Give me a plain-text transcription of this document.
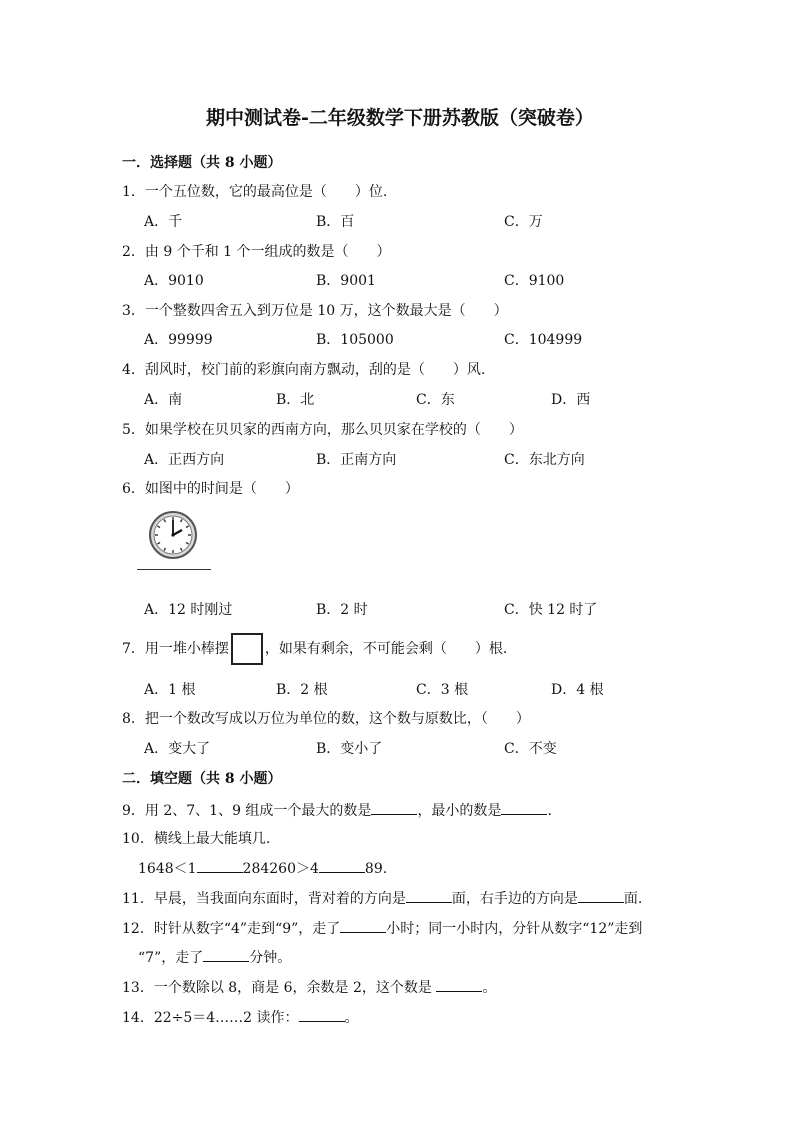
期中测试卷-二年级数学下册苏教版（突破卷）
一．选择题（共 8 小题）
1．一个五位数，它的最高位是（　　）位.
A．千	B．百	C．万
2．由 9 个千和 1 个一组成的数是（　　）
A．9010	B．9001	C．9100
3．一个整数四舍五入到万位是 10 万，这个数最大是（　　）
A．99999	B．105000	C．104999
4．刮风时，校门前的彩旗向南方飘动，刮的是（　　）风.
A．南	B．北	C．东	D．西
5．如果学校在贝贝家的西南方向，那么贝贝家在学校的（　　）
A．正西方向	B．正南方向	C．东北方向
6．如图中的时间是（　　）
A．12 时刚过	B．2 时	C．快 12 时了
7．用一堆小棒摆	，如果有剩余，不可能会剩（　　）根.
A．1 根	B．2 根	C．3 根	D．4 根
8．把一个数改写成以万位为单位的数，这个数与原数比，（　　）
A．变大了	B．变小了	C．不变
二．填空题（共 8 小题）
9．用 2、7、1、9 组成一个最大的数是	，最小的数是	.
10．横线上最大能填几.
1648＜1	284260＞4	89.
11．早晨，当我面向东面时，背对着的方向是	面，右手边的方向是	面.
12．时针从数字“4”走到“9”，走了	小时；同一小时内，分针从数字“12”走到
“7”，走了	分钟。
13．一个数除以 8，商是 6，余数是 2，这个数是	。
14．22÷5＝4……2 读作：	。
